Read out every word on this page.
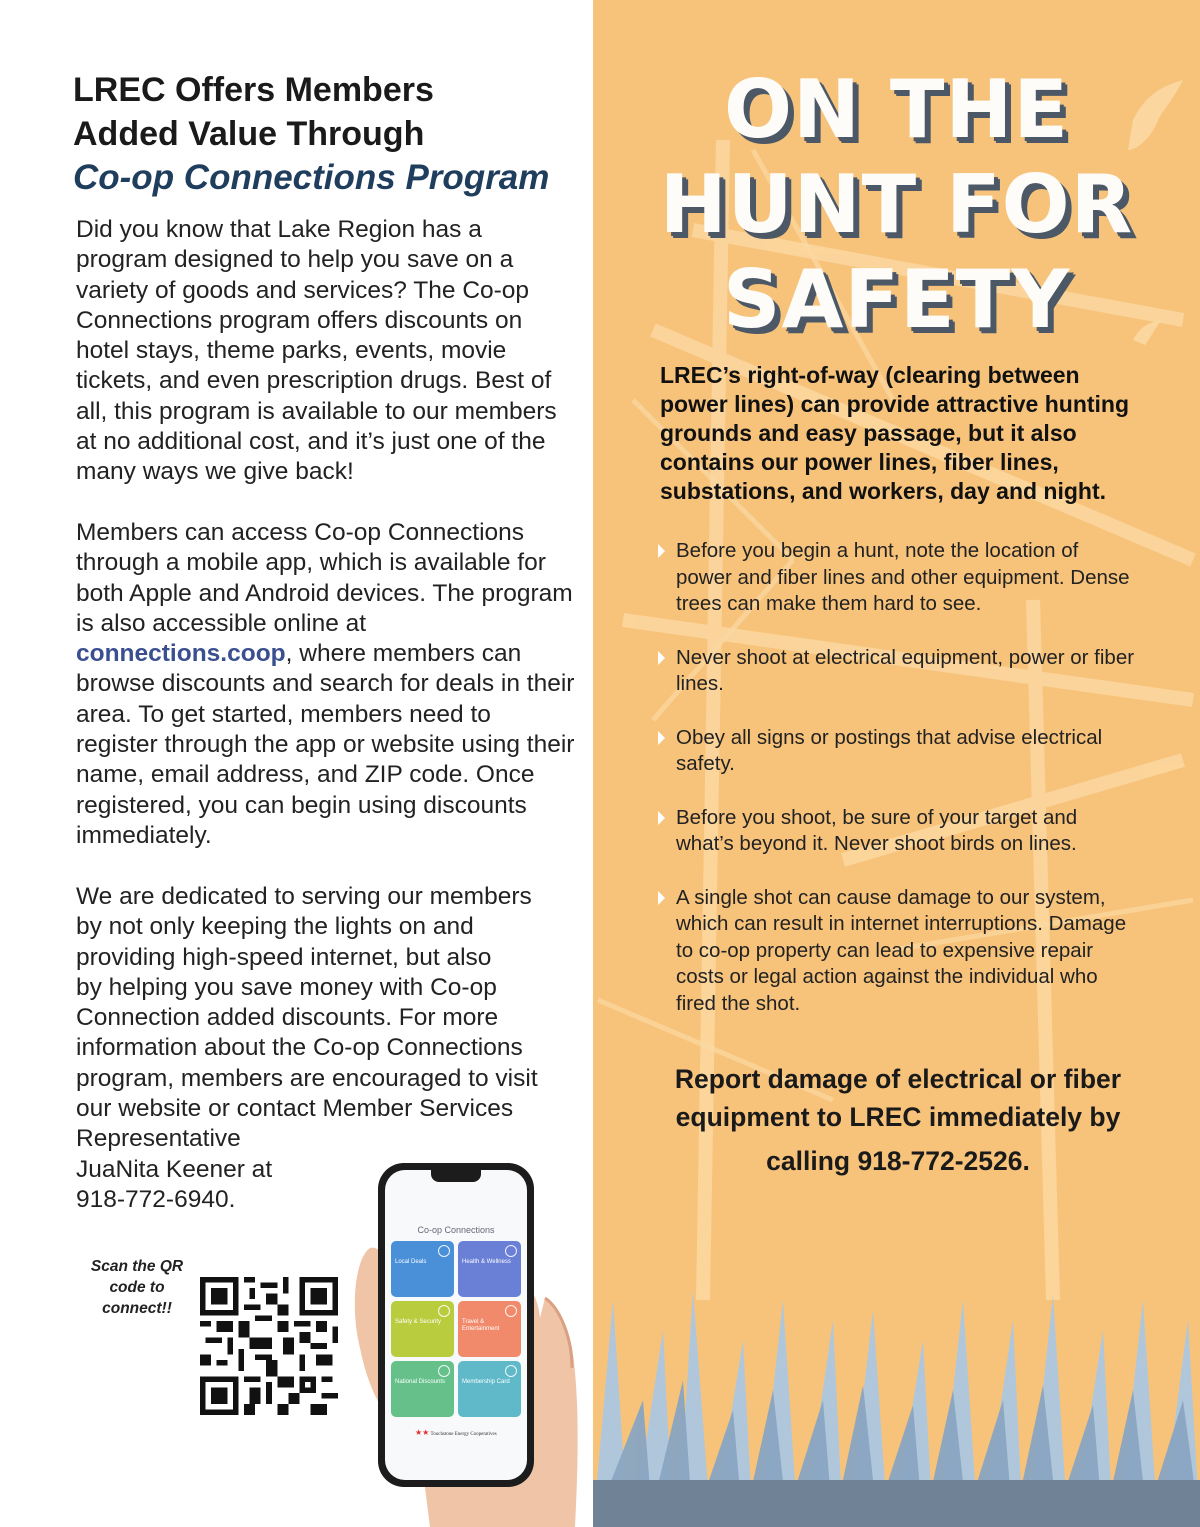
LREC Offers Members
Added Value Through
Co-op Connections Program

Did you know that Lake Region has a program designed to help you save on a variety of goods and services? The Co-op Connections program offers discounts on hotel stays, theme parks, events, movie tickets, and even prescription drugs. Best of all, this program is available to our members at no additional cost, and it’s just one of the many ways we give back!

Members can access Co-op Connections through a mobile app, which is available for both Apple and Android devices. The program is also accessible online at connections.coop, where members can browse discounts and search for deals in their area. To get started, members need to register through the app or website using their name, email address, and ZIP code. Once registered, you can begin using discounts immediately.

We are dedicated to serving our members
by not only keeping the lights on and
providing high-speed internet, but also
by helping you save money with Co-op
Connection added discounts. For more
information about the Co-op Connections
program, members are encouraged to visit
our website or contact Member Services
Representative
JuaNita Keener at
918-772-6940.

Scan the QR code to connect!!
Co-op Connections
Local Deals	Health & Wellness
Safety & Security	Travel & Entertainment
National Discounts	Membership Card
★★ Touchstone Energy Cooperatives
ON THE
HUNT FOR
SAFETY

LREC’s right-of-way (clearing between power lines) can provide attractive hunting grounds and easy passage, but it also contains our power lines, fiber lines, substations, and workers, day and night.

Before you begin a hunt, note the location of power and fiber lines and other equipment. Dense trees can make them hard to see.
Never shoot at electrical equipment, power or fiber lines.
Obey all signs or postings that advise electrical safety.
Before you shoot, be sure of your target and what’s beyond it. Never shoot birds on lines.
A single shot can cause damage to our system, which can result in internet interruptions. Damage to co-op property can lead to expensive repair costs or legal action against the individual who fired the shot.

Report damage of electrical or fiber
equipment to LREC immediately by
calling 918-772-2526.
